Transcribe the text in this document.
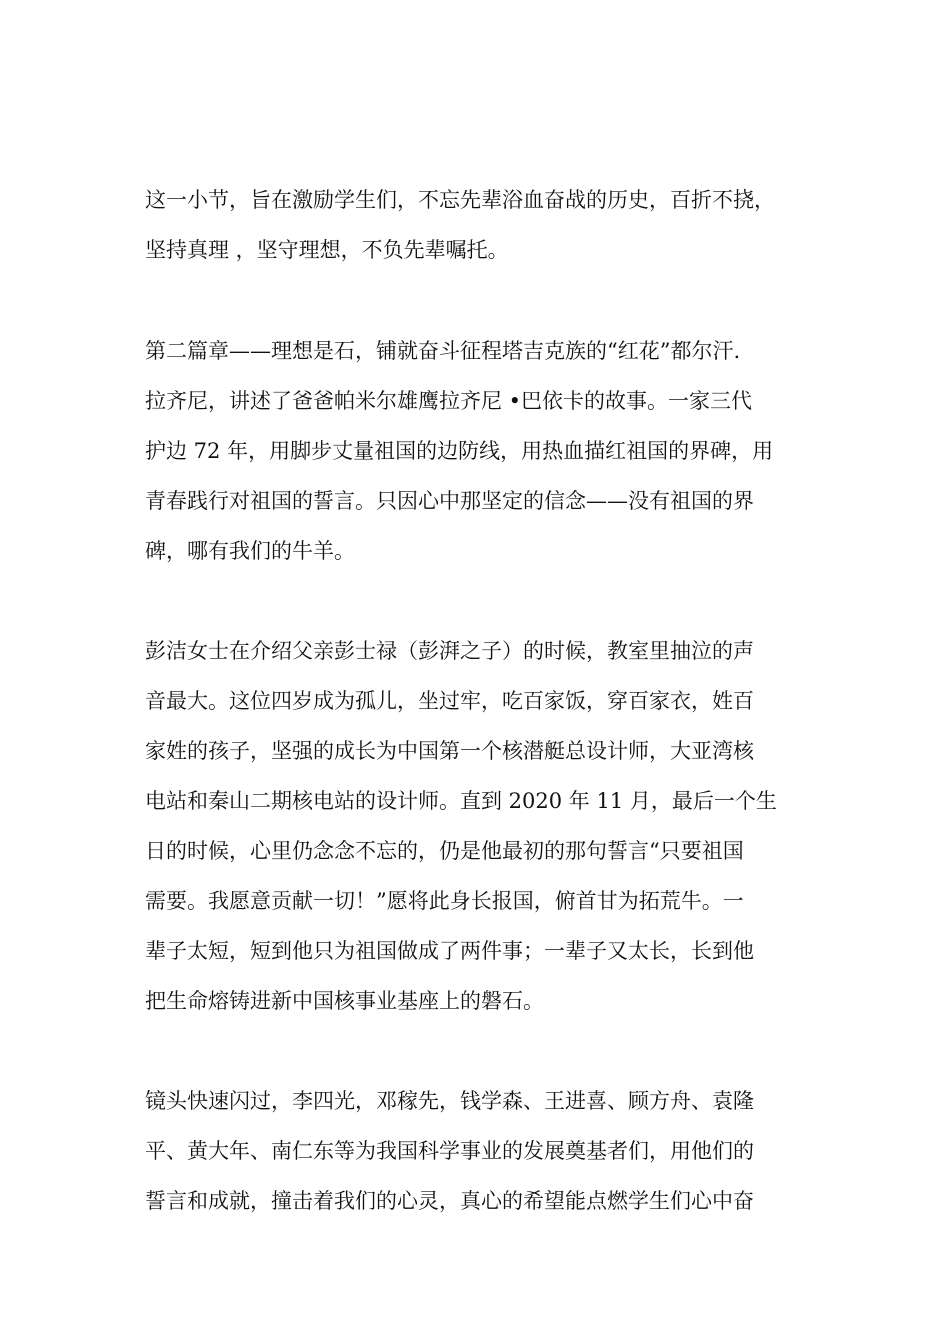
这一小节，旨在激励学生们，不忘先辈浴血奋战的历史，百折不挠，
坚持真理 ，坚守理想，不负先辈嘱托。
第二篇章——理想是石，铺就奋斗征程塔吉克族的“红花”都尔汗.
拉齐尼，讲述了爸爸帕米尔雄鹰拉齐尼 •巴依卡的故事。一家三代
护边 72 年，用脚步丈量祖国的边防线，用热血描红祖国的界碑，用
青春践行对祖国的誓言。只因心中那坚定的信念——没有祖国的界
碑，哪有我们的牛羊。
彭洁女士在介绍父亲彭士禄（彭湃之子）的时候，教室里抽泣的声
音最大。这位四岁成为孤儿，坐过牢，吃百家饭，穿百家衣，姓百
家姓的孩子，坚强的成长为中国第一个核潜艇总设计师，大亚湾核
电站和秦山二期核电站的设计师。直到 2020 年 11 月，最后一个生
日的时候，心里仍念念不忘的，仍是他最初的那句誓言“只要祖国
需要。我愿意贡献一切！”愿将此身长报国，俯首甘为拓荒牛。一
辈子太短，短到他只为祖国做成了两件事；一辈子又太长，长到他
把生命熔铸进新中国核事业基座上的磐石。
镜头快速闪过，李四光，邓稼先，钱学森、王进喜、顾方舟、袁隆
平、黄大年、南仁东等为我国科学事业的发展奠基者们，用他们的
誓言和成就，撞击着我们的心灵，真心的希望能点燃学生们心中奋
